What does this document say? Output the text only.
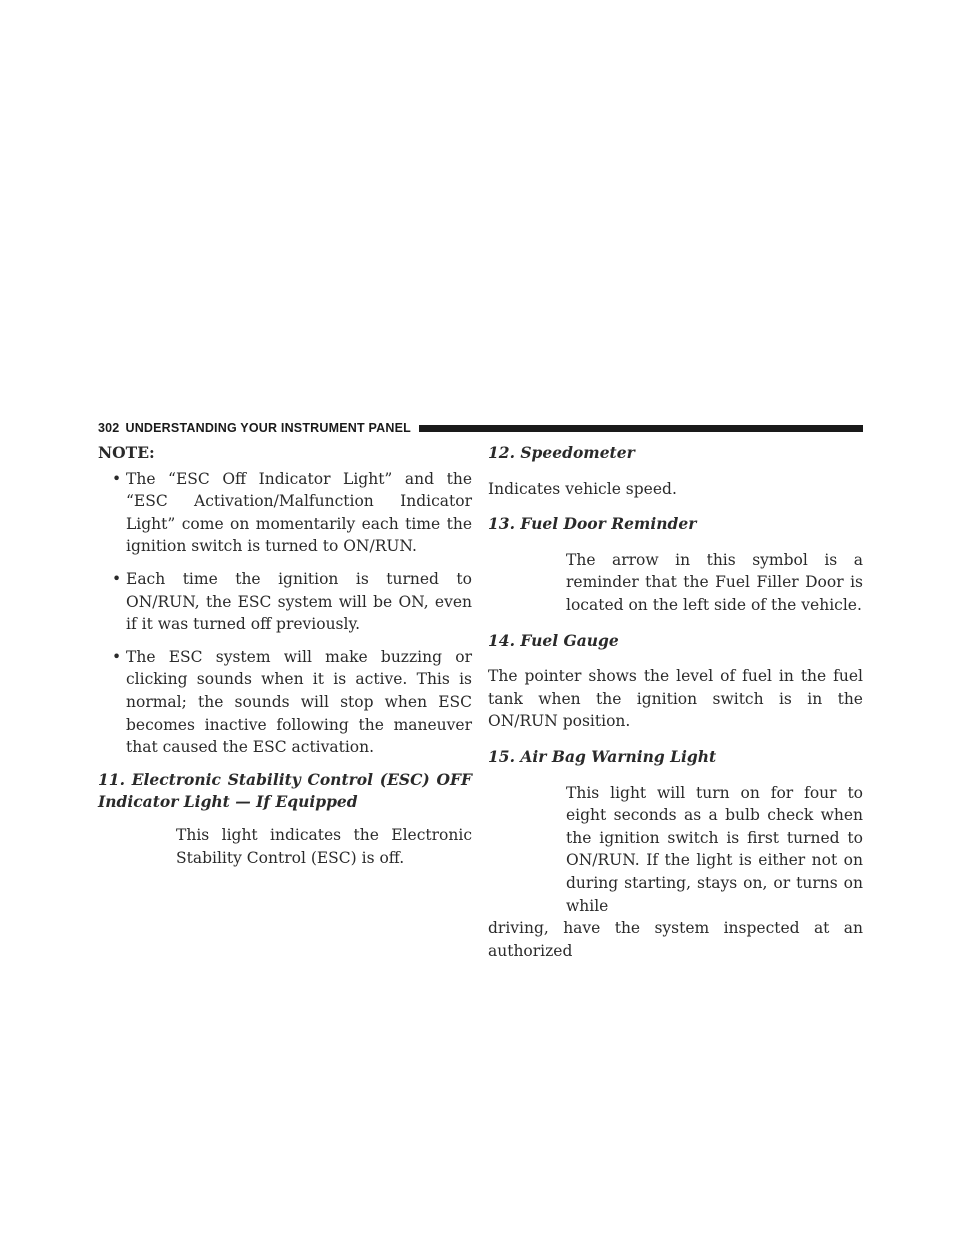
302 UNDERSTANDING YOUR INSTRUMENT PANEL

NOTE:

• The “ESC Off Indicator Light” and the “ESC Activation/Malfunction Indicator Light” come on momentarily each time the ignition switch is turned to ON/RUN.
• Each time the ignition is turned to ON/RUN, the ESC system will be ON, even if it was turned off previously.
• The ESC system will make buzzing or clicking sounds when it is active. This is normal; the sounds will stop when ESC becomes inactive following the maneuver that caused the ESC activation.

11. Electronic Stability Control (ESC) OFF Indicator Light — If Equipped

This light indicates the Electronic Stability Control (ESC) is off.

12. Speedometer

Indicates vehicle speed.

13. Fuel Door Reminder

The arrow in this symbol is a reminder that the Fuel Filler Door is located on the left side of the vehicle.

14. Fuel Gauge

The pointer shows the level of fuel in the fuel tank when the ignition switch is in the ON/RUN position.

15. Air Bag Warning Light

This light will turn on for four to eight seconds as a bulb check when the ignition switch is first turned to ON/RUN. If the light is either not on during starting, stays on, or turns on while

driving, have the system inspected at an authorized
